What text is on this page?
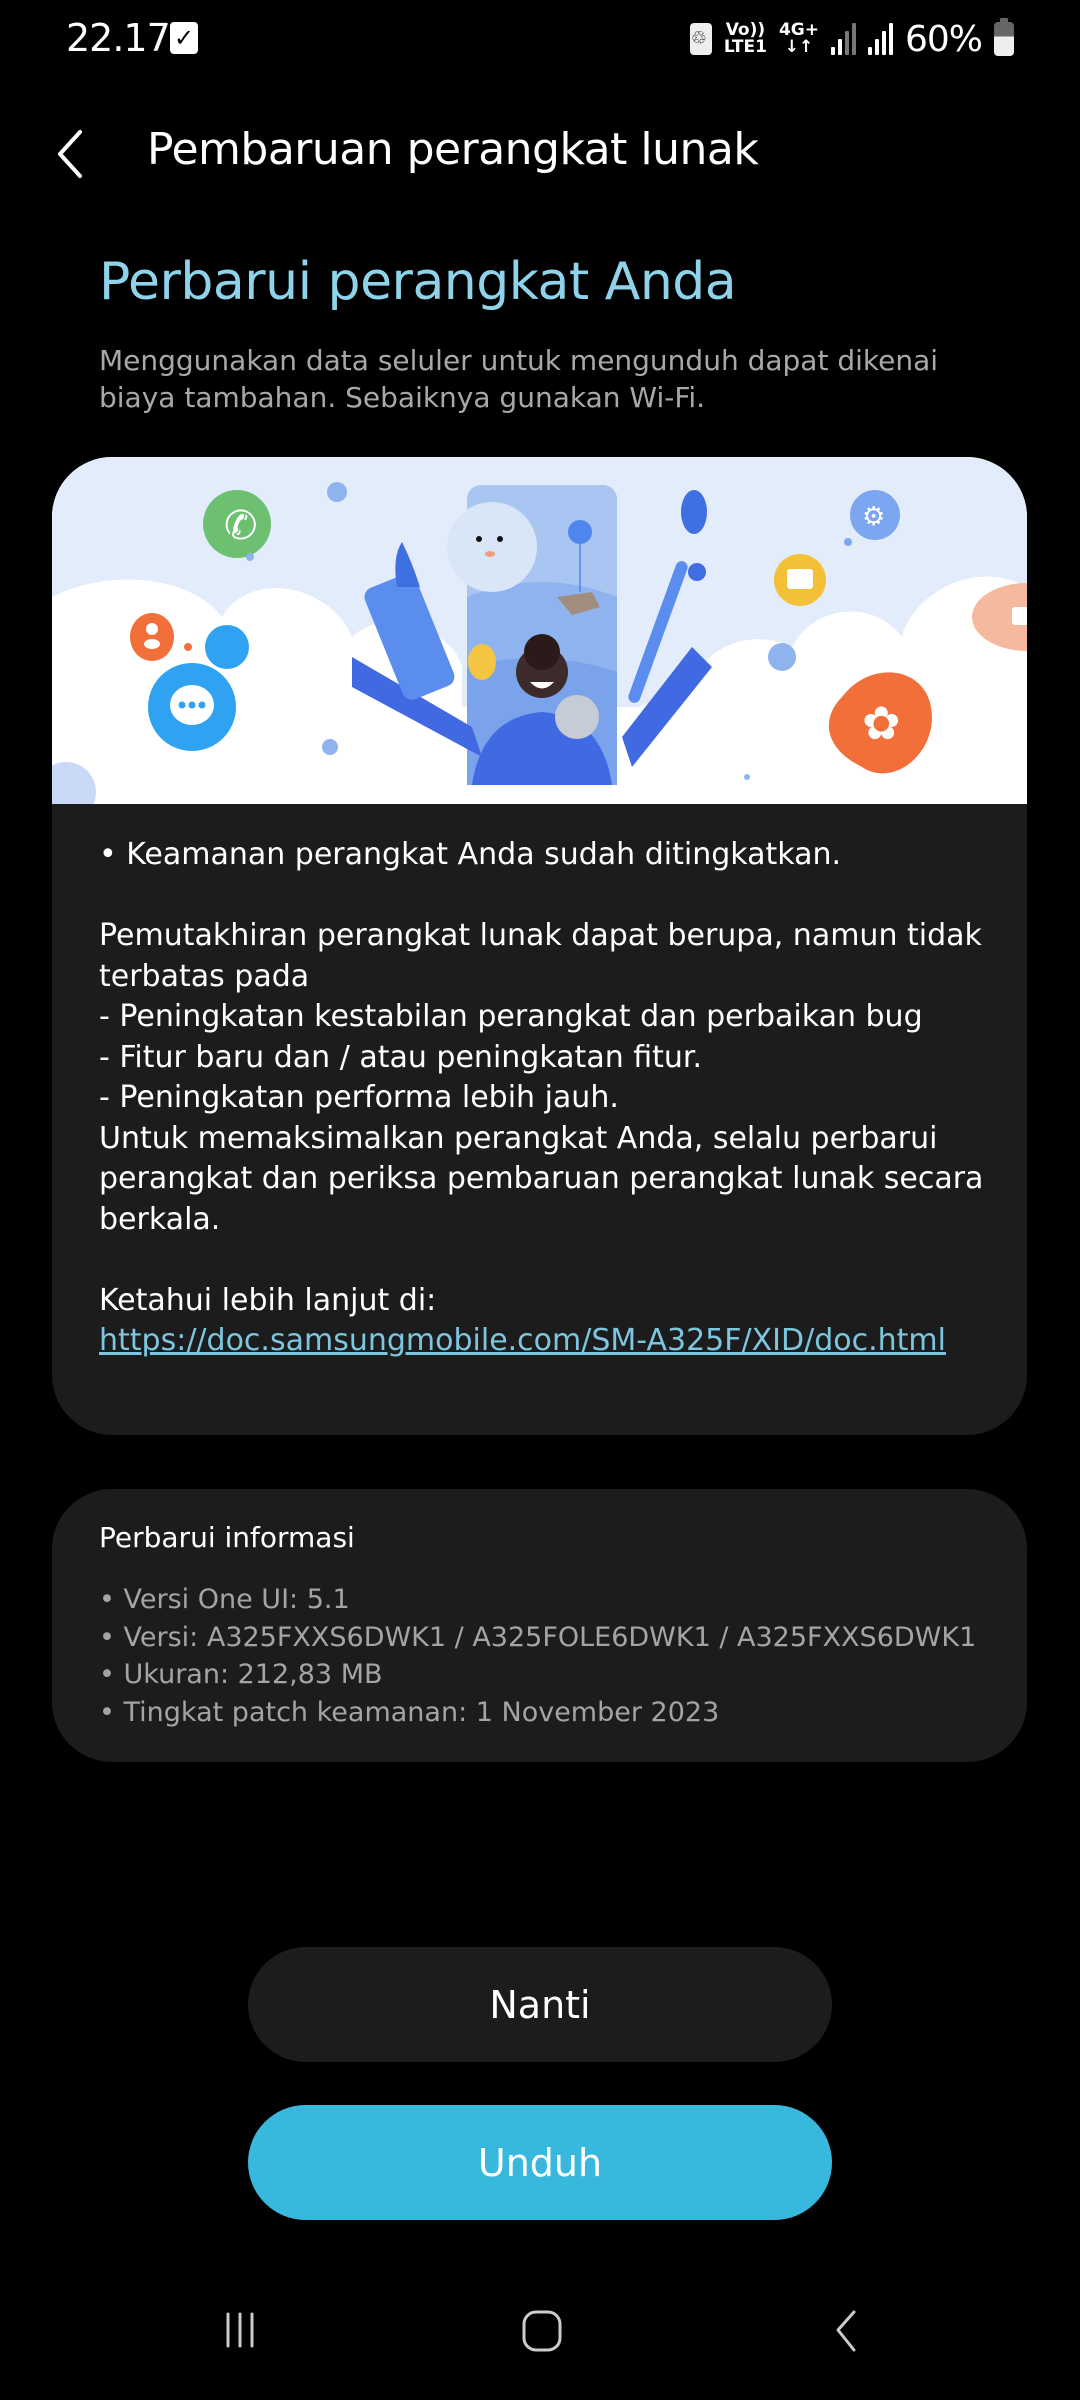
22.17 ✓ ♲	Vo))
LTE1
4G+
↓↑	60%
Pembaruan perangkat lunak
Perbarui perangkat Anda
Menggunakan data seluler untuk mengunduh dapat dikenai biaya tambahan. Sebaiknya gunakan Wi-Fi.
✆	⚙
✿

• Keamanan perangkat Anda sudah ditingkatkan.

Pemutakhiran perangkat lunak dapat berupa, namun tidak terbatas pada

- Peningkatan kestabilan perangkat dan perbaikan bug

- Fitur baru dan / atau peningkatan fitur.

- Peningkatan performa lebih jauh.

Untuk memaksimalkan perangkat Anda, selalu perbarui perangkat dan periksa pembaruan perangkat lunak secara berkala.

Ketahui lebih lanjut di:

https://doc.samsungmobile.com/SM-A325F/XID/doc.html

Perbarui informasi
• Versi One UI: 5.1
• Versi: A325FXXS6DWK1 / A325FOLE6DWK1 / A325FXXS6DWK1
• Ukuran: 212,83 MB
• Tingkat patch keamanan: 1 November 2023
Nanti
Unduh
